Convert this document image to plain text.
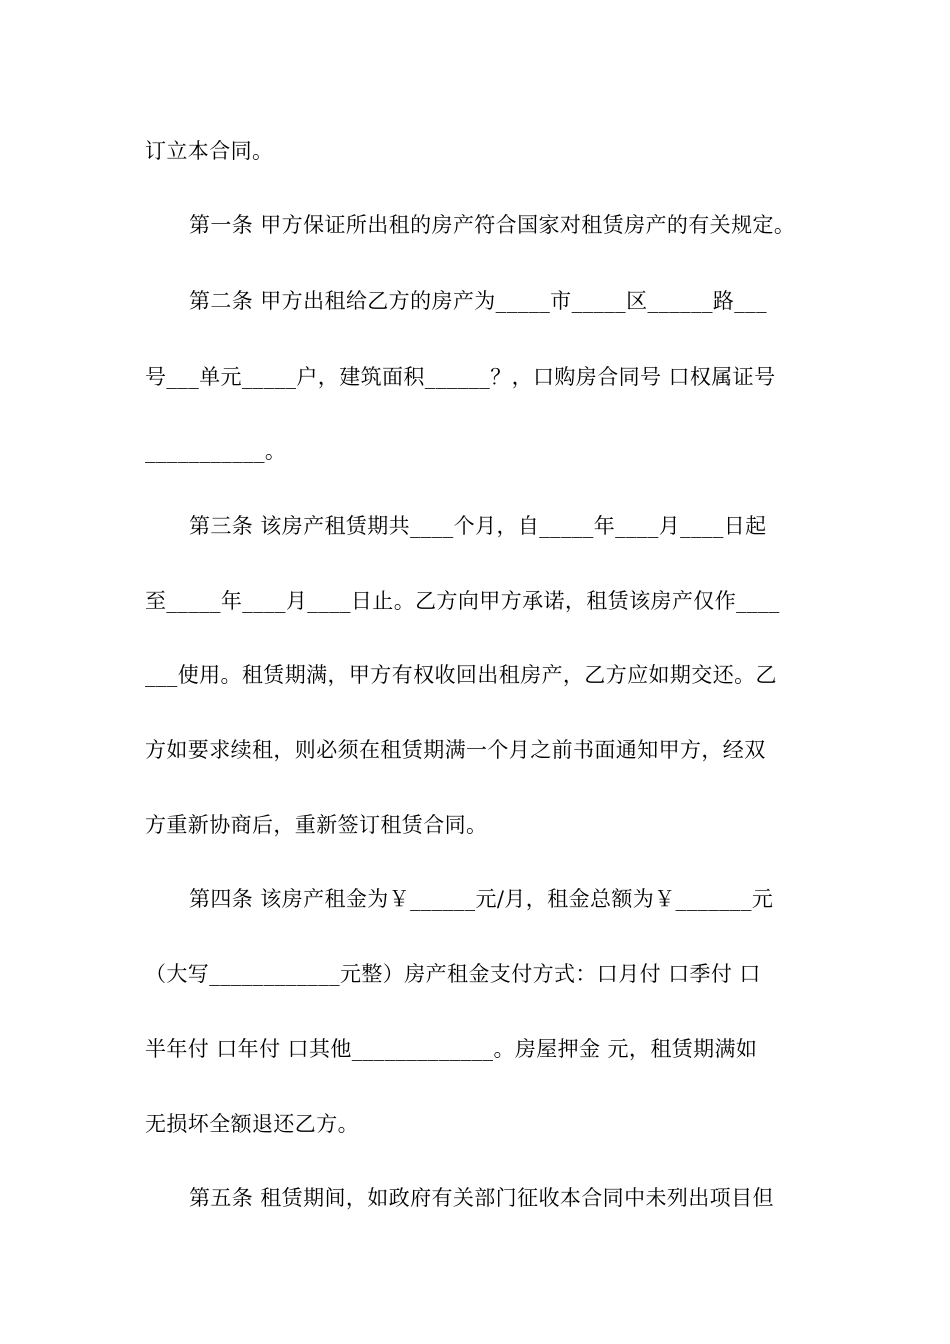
订立本合同。
第一条 甲方保证所出租的房产符合国家对租赁房产的有关规定。
第二条 甲方出租给乙方的房产为_____市_____区______路___
号___单元_____户，建筑面积______？，口购房合同号 口权属证号
___________。
第三条 该房产租赁期共____个月，自_____年____月____日起
至_____年____月____日止。乙方向甲方承诺，租赁该房产仅作____
___使用。租赁期满，甲方有权收回出租房产，乙方应如期交还。乙
方如要求续租，则必须在租赁期满一个月之前书面通知甲方，经双
方重新协商后，重新签订租赁合同。
第四条 该房产租金为￥______元/月，租金总额为￥_______元
（大写____________元整）房产租金支付方式：口月付 口季付 口
半年付 口年付 口其他_____________。房屋押金 元，租赁期满如
无损坏全额退还乙方。
第五条 租赁期间，如政府有关部门征收本合同中未列出项目但
